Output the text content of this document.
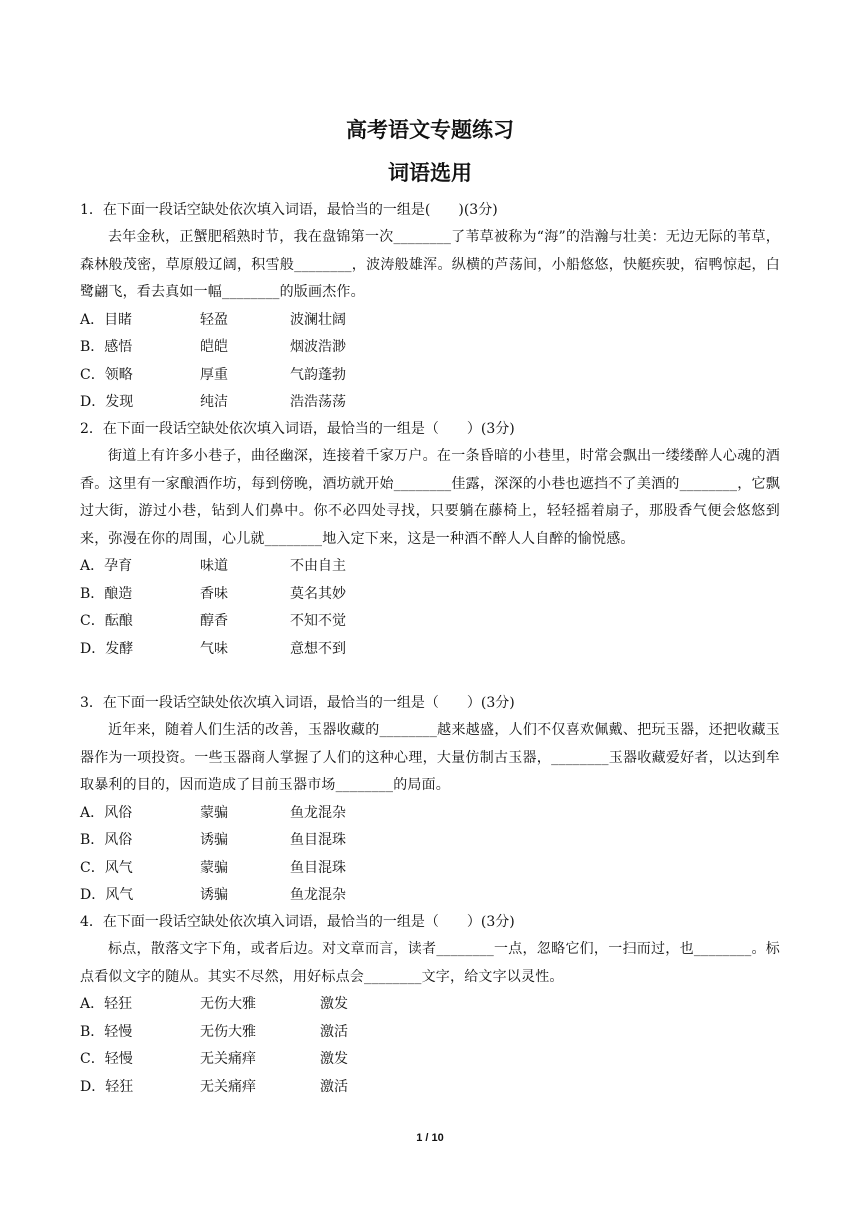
高考语文专题练习
词语选用
1．在下面一段话空缺处依次填入词语，最恰当的一组是(　　)(3分)
去年金秋，正蟹肥稻熟时节，我在盘锦第一次________了苇草被称为“海”的浩瀚与壮美：无边无际的苇草，森林般茂密，草原般辽阔，积雪般________，波涛般雄浑。纵横的芦荡间，小船悠悠，快艇疾驶，宿鸭惊起，白鹭翩飞，看去真如一幅________的版画杰作。
A．目睹	轻盈	波澜壮阔
B．感悟	皑皑	烟波浩渺
C．领略	厚重	气韵蓬勃
D．发现	纯洁	浩浩荡荡
2．在下面一段话空缺处依次填入词语，最恰当的一组是（　　）(3分)
街道上有许多小巷子，曲径幽深，连接着千家万户。在一条昏暗的小巷里，时常会飘出一缕缕醉人心魂的酒香。这里有一家酿酒作坊，每到傍晚，酒坊就开始________佳露，深深的小巷也遮挡不了美酒的________，它飘过大街，游过小巷，钻到人们鼻中。你不必四处寻找，只要躺在藤椅上，轻轻摇着扇子，那股香气便会悠悠到来，弥漫在你的周围，心儿就________地入定下来，这是一种酒不醉人人自醉的愉悦感。
A．孕育	味道	不由自主
B．酿造	香味	莫名其妙
C．酝酿	醇香	不知不觉
D．发酵	气味	意想不到
3．在下面一段话空缺处依次填入词语，最恰当的一组是（　　）(3分)
近年来，随着人们生活的改善，玉器收藏的________越来越盛，人们不仅喜欢佩戴、把玩玉器，还把收藏玉器作为一项投资。一些玉器商人掌握了人们的这种心理，大量仿制古玉器，________玉器收藏爱好者，以达到牟取暴利的目的，因而造成了目前玉器市场________的局面。
A．风俗	蒙骗	鱼龙混杂
B．风俗	诱骗	鱼目混珠
C．风气	蒙骗	鱼目混珠
D．风气	诱骗	鱼龙混杂
4．在下面一段话空缺处依次填入词语，最恰当的一组是（　　）(3分)
标点，散落文字下角，或者后边。对文章而言，读者________一点，忽略它们，一扫而过，也________。标点看似文字的随从。其实不尽然，用好标点会________文字，给文字以灵性。
A．轻狂	无伤大雅	激发
B．轻慢	无伤大雅	激活
C．轻慢	无关痛痒	激发
D．轻狂	无关痛痒	激活
1 / 10
